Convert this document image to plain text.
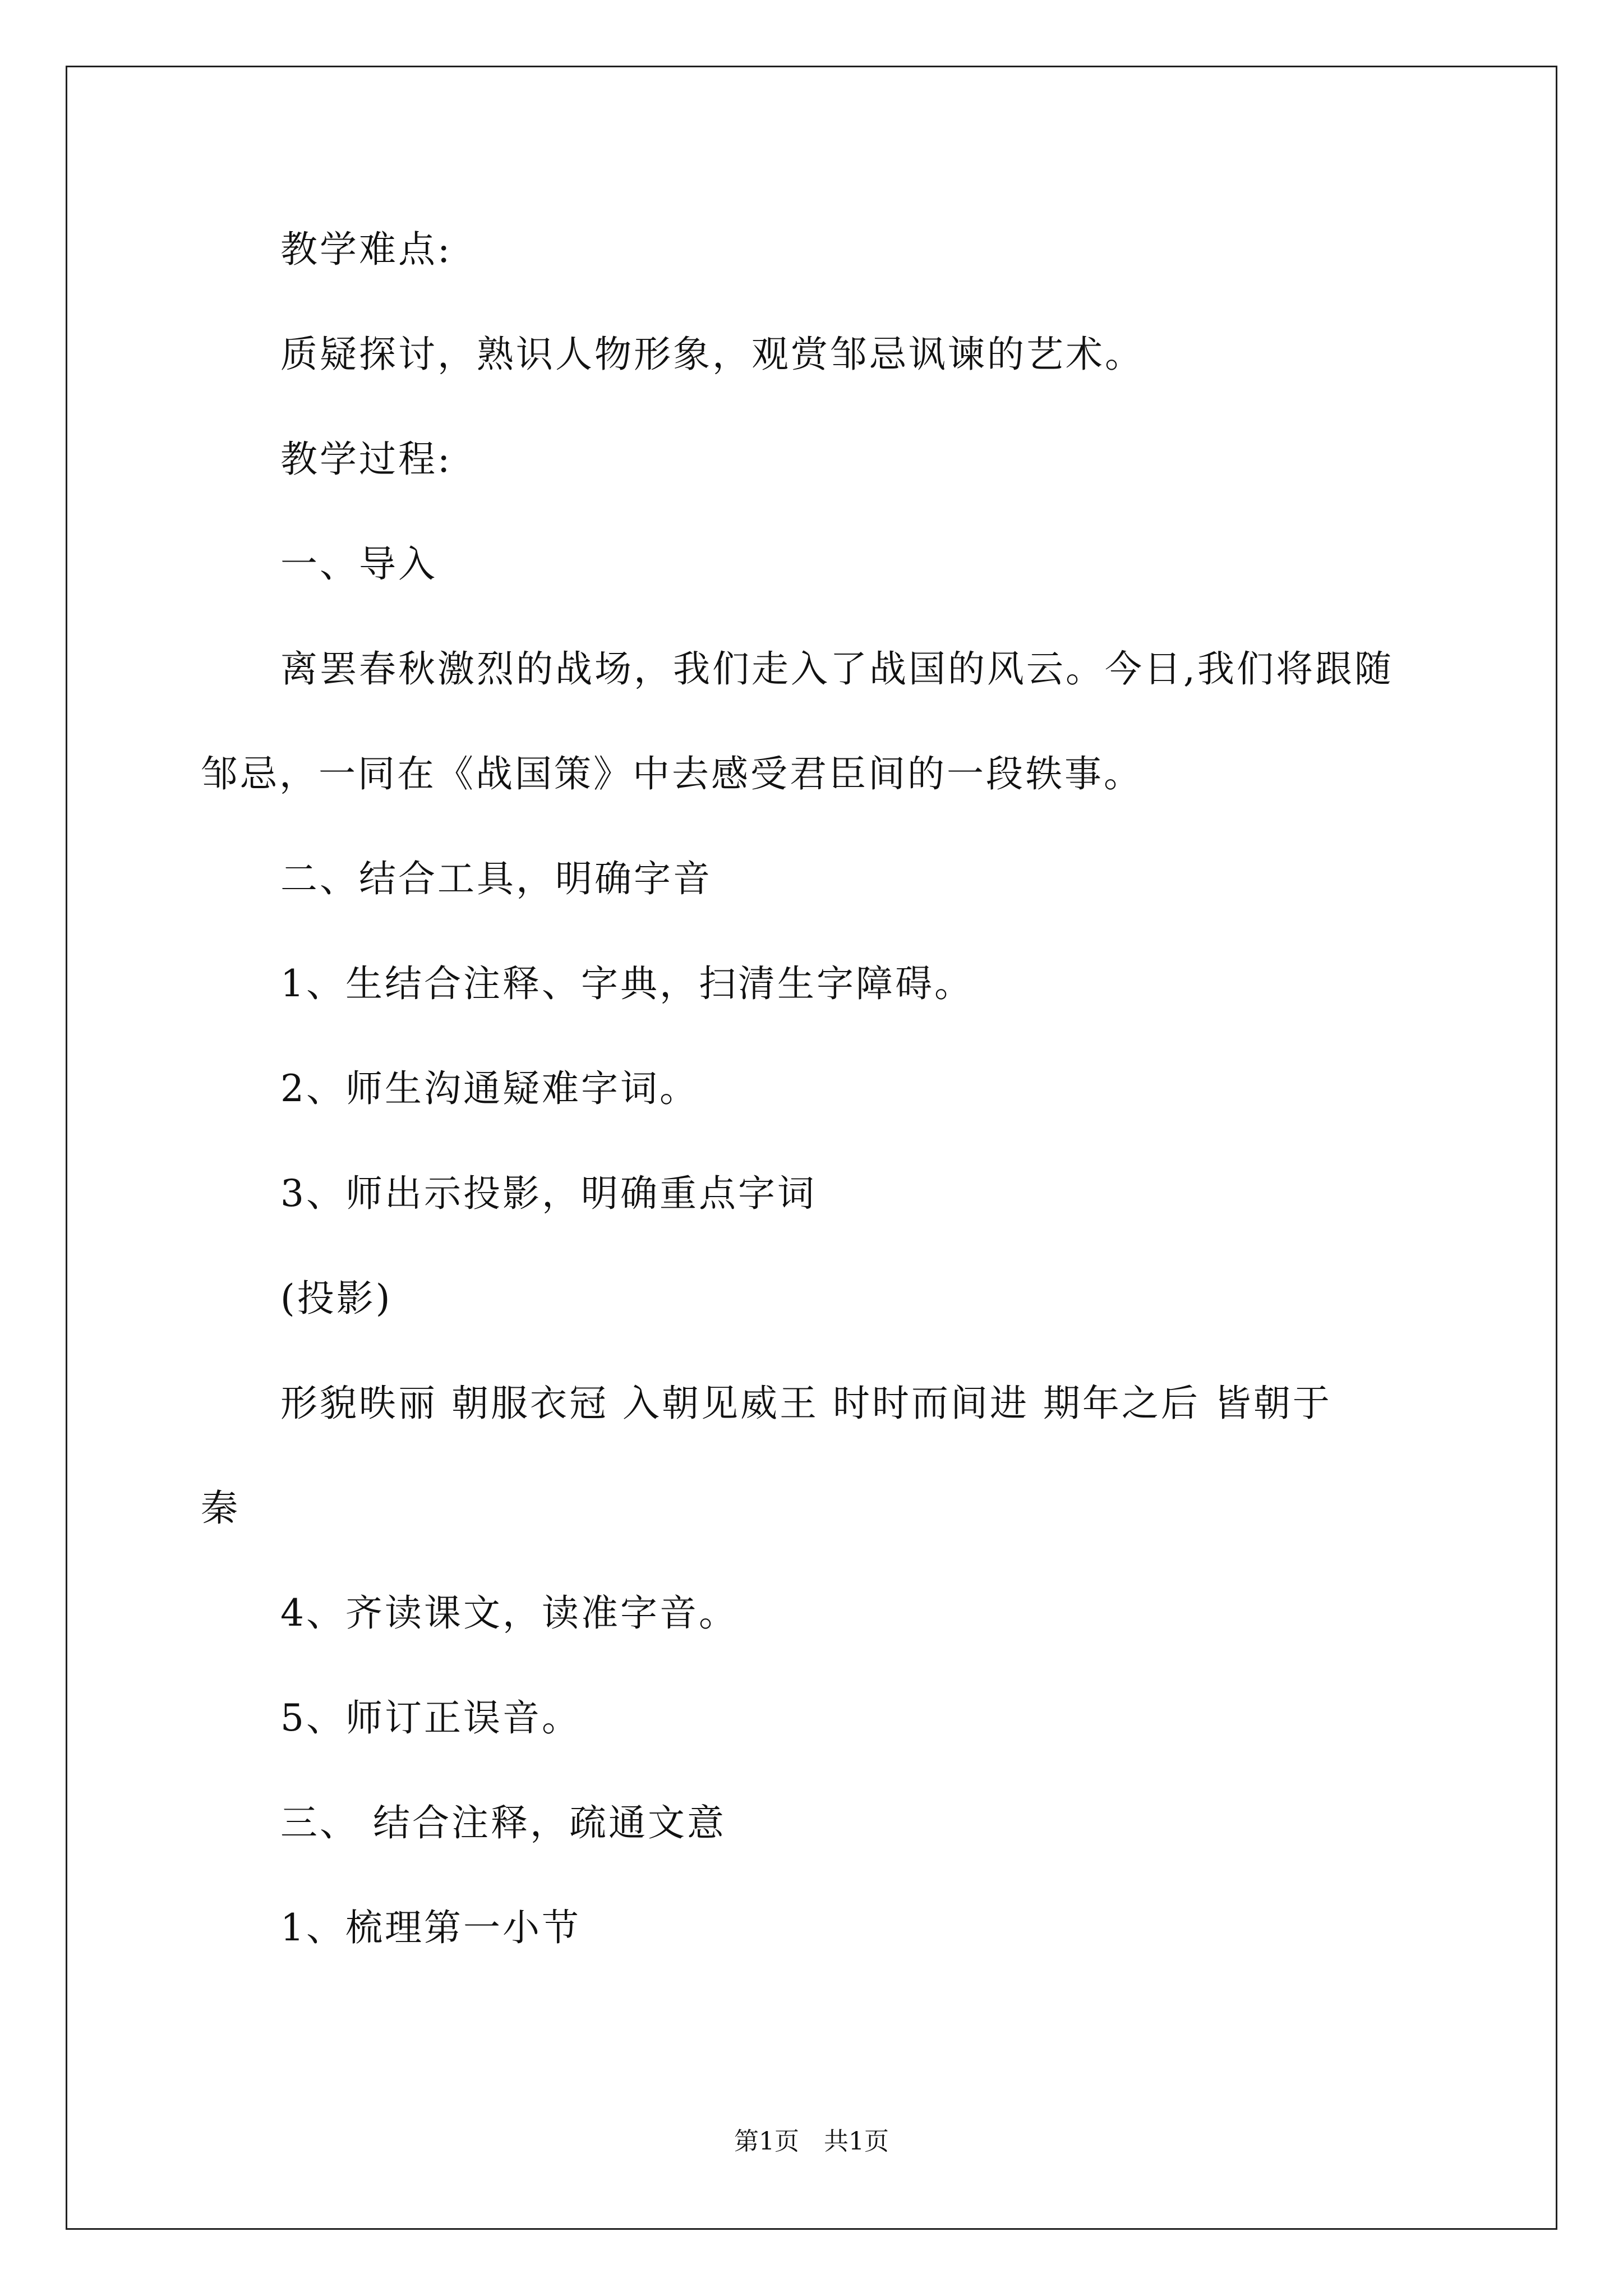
教学难点:
质疑探讨，熟识人物形象，观赏邹忌讽谏的艺术。
教学过程:
一、导入
离罢春秋激烈的战场，我们走入了战国的风云。今日,我们将跟随
邹忌，一同在《战国策》中去感受君臣间的一段轶事。
二、结合工具，明确字音
1、生结合注释、字典，扫清生字障碍。
2、师生沟通疑难字词。
3、师出示投影，明确重点字词
(投影)
形貌昳丽 朝服衣冠 入朝见威王 时时而间进 期年之后 皆朝于
秦
4、齐读课文，读准字音。
5、师订正误音。
三、 结合注释，疏通文意
1、梳理第一小节
第1页　共1页
